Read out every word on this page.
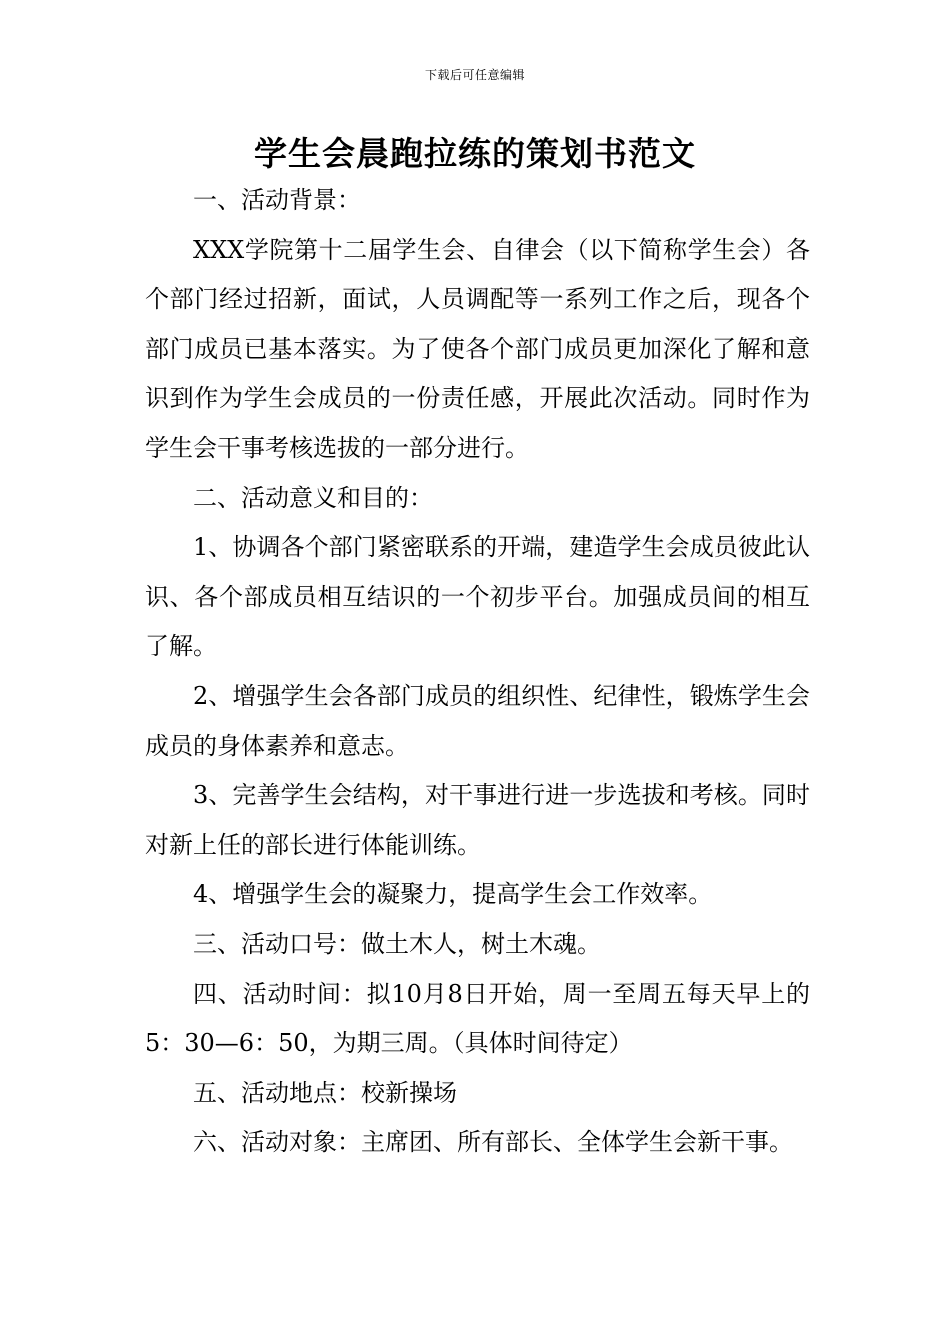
下载后可任意编辑
学生会晨跑拉练的策划书范文

一、活动背景：

XXX学院第十二届学生会、自律会（以下简称学生会）各个部门经过招新，面试，人员调配等一系列工作之后，现各个部门成员已基本落实。为了使各个部门成员更加深化了解和意识到作为学生会成员的一份责任感，开展此次活动。同时作为学生会干事考核选拔的一部分进行。

二、活动意义和目的：

1、协调各个部门紧密联系的开端，建造学生会成员彼此认识、各个部成员相互结识的一个初步平台。加强成员间的相互了解。

2、增强学生会各部门成员的组织性、纪律性，锻炼学生会成员的身体素养和意志。

3、完善学生会结构，对干事进行进一步选拔和考核。同时对新上任的部长进行体能训练。

4、增强学生会的凝聚力，提高学生会工作效率。

三、活动口号：做土木人，树土木魂。

四、活动时间：拟10月8日开始，周一至周五每天早上的5：30—6：50，为期三周。（具体时间待定）

五、活动地点：校新操场

六、活动对象：主席团、所有部长、全体学生会新干事。
